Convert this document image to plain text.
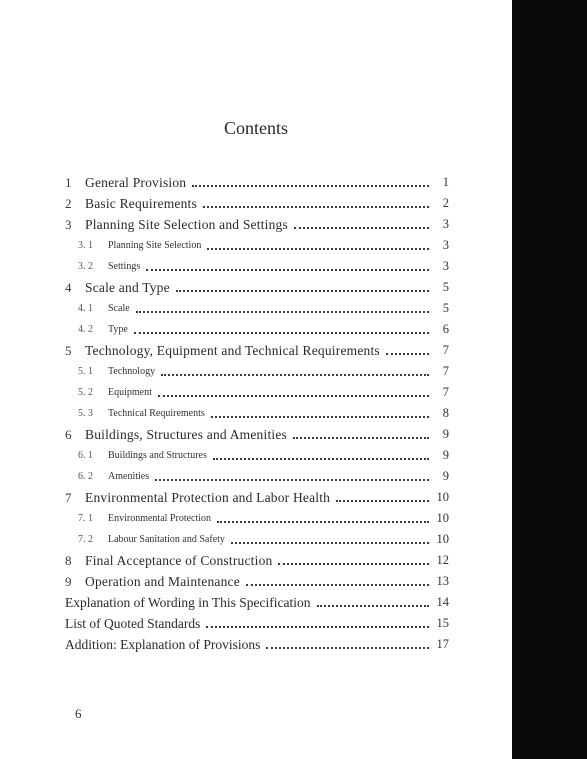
Contents
1	General Provision	1
2	Basic Requirements	2
3	Planning Site Selection and Settings	3
3. 1	Planning Site Selection	3
3. 2	Settings	3
4	Scale and Type	5
4. 1	Scale	5
4. 2	Type	6
5	Technology, Equipment and Technical Requirements	7
5. 1	Technology	7
5. 2	Equipment	7
5. 3	Technical Requirements	8
6	Buildings, Structures and Amenities	9
6. 1	Buildings and Structures	9
6. 2	Amenities	9
7	Environmental Protection and Labor Health	10
7. 1	Environmental Protection	10
7. 2	Labour Sanitation and Safety	10
8	Final Acceptance of Construction	12
9	Operation and Maintenance	13
Explanation of Wording in This Specification	14
List of Quoted Standards	15
Addition: Explanation of Provisions	17
6
